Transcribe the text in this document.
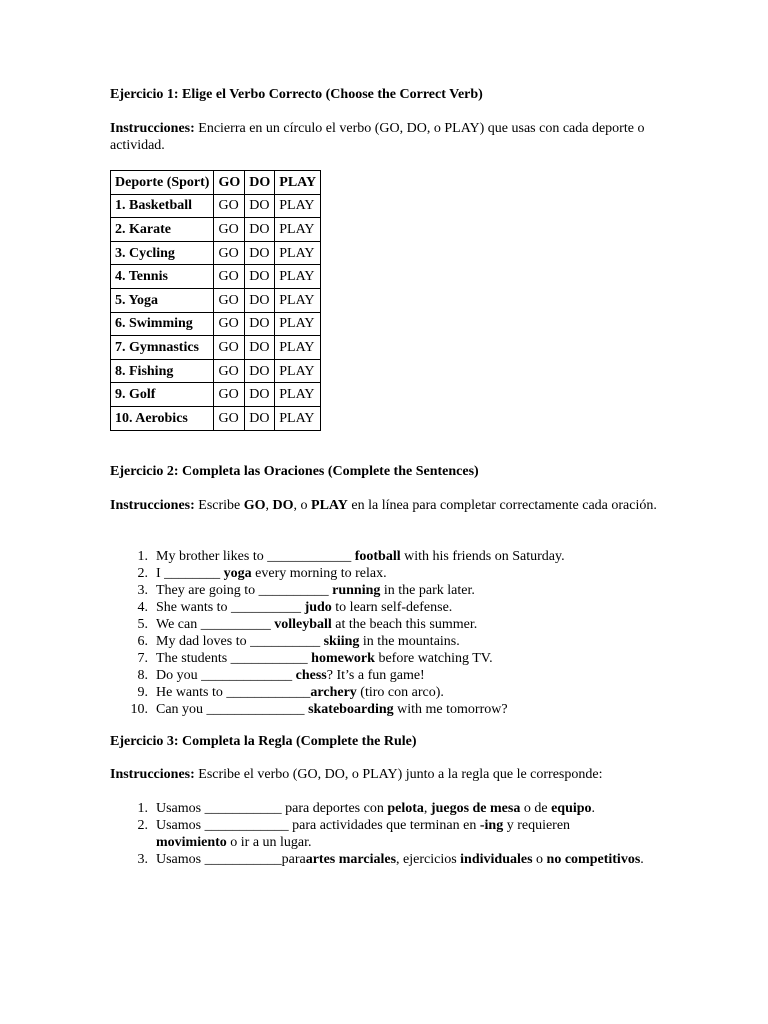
Ejercicio 1: Elige el Verbo Correcto (Choose the Correct Verb)

Instrucciones: Encierra en un círculo el verbo (GO, DO, o PLAY) que usas con cada deporte o actividad.

Deporte (Sport)	GO	DO	PLAY
1. Basketball	GO	DO	PLAY
2. Karate	GO	DO	PLAY
3. Cycling	GO	DO	PLAY
4. Tennis	GO	DO	PLAY
5. Yoga	GO	DO	PLAY
6. Swimming	GO	DO	PLAY
7. Gymnastics	GO	DO	PLAY
8. Fishing	GO	DO	PLAY
9. Golf	GO	DO	PLAY
10. Aerobics	GO	DO	PLAY
Ejercicio 2: Completa las Oraciones (Complete the Sentences)

Instrucciones: Escribe GO, DO, o PLAY en la línea para completar correctamente cada oración.

1. My brother likes to ____________ football with his friends on Saturday.
2. I ________ yoga every morning to relax.
3. They are going to __________ running in the park later.
4. She wants to __________ judo to learn self-defense.
5. We can __________ volleyball at the beach this summer.
6. My dad loves to __________ skiing in the mountains.
7. The students ___________ homework before watching TV.
8. Do you _____________ chess? It’s a fun game!
9. He wants to ____________archery (tiro con arco).
10. Can you ______________ skateboarding with me tomorrow?
Ejercicio 3: Completa la Regla (Complete the Rule)

Instrucciones: Escribe el verbo (GO, DO, o PLAY) junto a la regla que le corresponde:

1. Usamos ___________ para deportes con pelota, juegos de mesa o de equipo.
2. Usamos ____________ para actividades que terminan en -ing y requieren
movimiento o ir a un lugar.
3. Usamos ___________paraartes marciales, ejercicios individuales o no competitivos.
